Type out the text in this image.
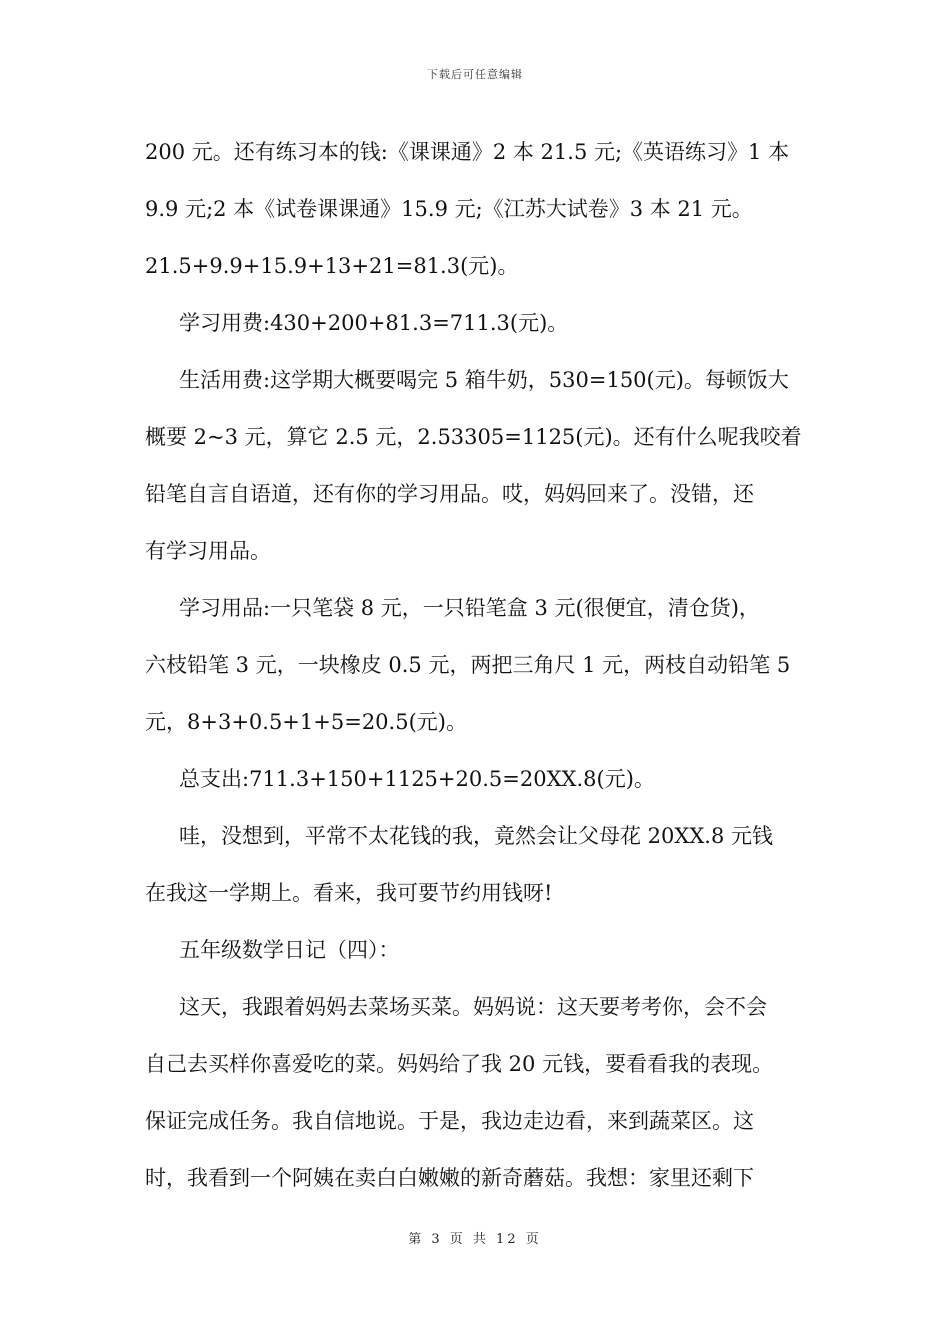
下载后可任意编辑
200 元。还有练习本的钱:《课课通》2 本 21.5 元;《英语练习》1 本
9.9 元;2 本《试卷课课通》15.9 元;《江苏大试卷》3 本 21 元。
21.5+9.9+15.9+13+21=81.3(元)。
学习用费:430+200+81.3=711.3(元)。
生活用费:这学期大概要喝完 5 箱牛奶，530=150(元)。每顿饭大
概要 2~3 元，算它 2.5 元，2.53305=1125(元)。还有什么呢我咬着
铅笔自言自语道，还有你的学习用品。哎，妈妈回来了。没错，还
有学习用品。
学习用品:一只笔袋 8 元，一只铅笔盒 3 元(很便宜，清仓货)，
六枝铅笔 3 元，一块橡皮 0.5 元，两把三角尺 1 元，两枝自动铅笔 5
元，8+3+0.5+1+5=20.5(元)。
总支出:711.3+150+1125+20.5=20XX.8(元)。
哇，没想到，平常不太花钱的我，竟然会让父母花 20XX.8 元钱
在我这一学期上。看来，我可要节约用钱呀!
五年级数学日记（四）：
这天，我跟着妈妈去菜场买菜。妈妈说：这天要考考你，会不会
自己去买样你喜爱吃的菜。妈妈给了我 20 元钱，要看看我的表现。
保证完成任务。我自信地说。于是，我边走边看，来到蔬菜区。这
时，我看到一个阿姨在卖白白嫩嫩的新奇蘑菇。我想：家里还剩下
第 3 页 共 12 页
